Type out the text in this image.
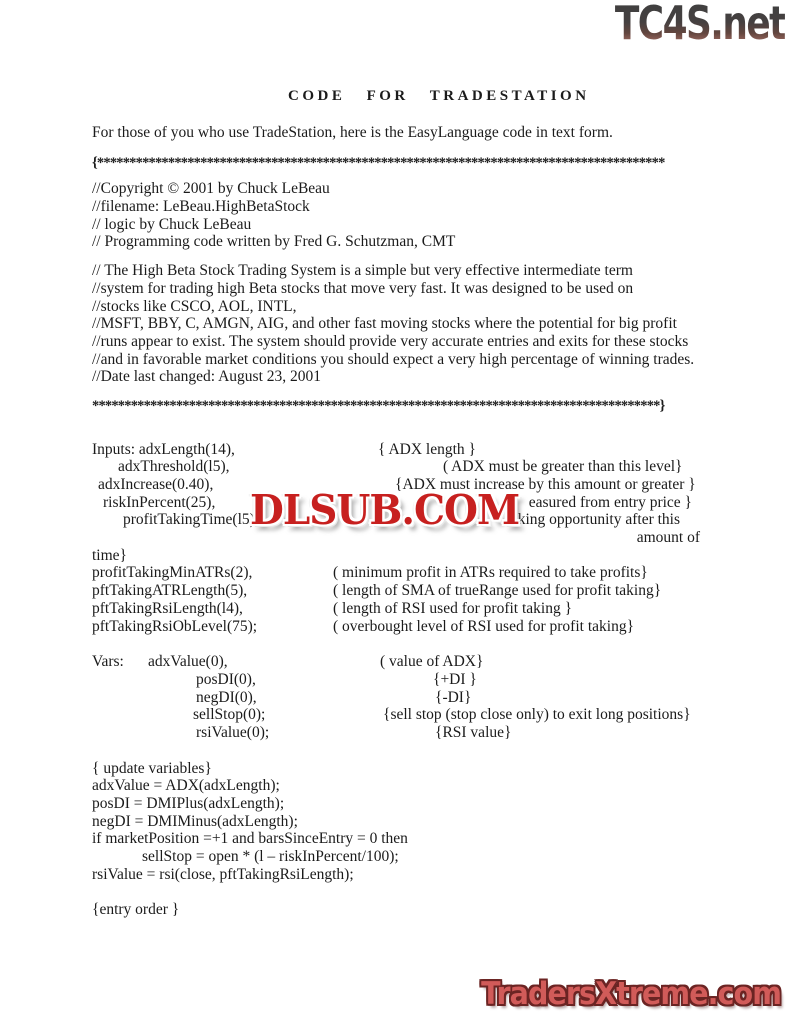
TC4S.net
CODE FOR TRADESTATION
For those of you who use TradeStation, here is the EasyLanguage code in text form.
{****************************************************************************************
//Copyright © 2001 by Chuck LeBeau
//filename: LeBeau.HighBetaStock
// logic by Chuck LeBeau
// Programming code written by Fred G. Schutzman, CMT
// The High Beta Stock Trading System is a simple but very effective intermediate term
//system for trading high Beta stocks that move very fast. It was designed to be used on
//stocks like CSCO, AOL, INTL,
//MSFT, BBY, C, AMGN, AIG, and other fast moving stocks where the potential for big profit
//runs appear to exist. The system should provide very accurate entries and exits for these stocks
//and in favorable market conditions you should expect a very high percentage of winning trades.
//Date last changed: August 23, 2001
****************************************************************************************}
Inputs: adxLength(14),	{ ADX length }
adxThreshold(l5),	( ADX must be greater than this level}
adxIncrease(0.40),	{ADX must increase by this amount or greater }
riskInPercent(25),	easured from entry price }
profitTakingTime(l5)	king opportunity after this
amount of
time}
profitTakingMinATRs(2),	( minimum profit in ATRs required to take profits}
pftTakingATRLength(5),	( length of SMA of trueRange used for profit taking}
pftTakingRsiLength(l4),	( length of RSI used for profit taking }
pftTakingRsiObLevel(75);	( overbought level of RSI used for profit taking}
Vars: adxValue(0),	( value of ADX}
posDI(0),	{+DI }
negDI(0),	{-DI}
sellStop(0);	{sell stop (stop close only) to exit long positions}
rsiValue(0);	{RSI value}
{ update variables}
adxValue = ADX(adxLength);
posDI = DMIPlus(adxLength);
negDI = DMIMinus(adxLength);
if marketPosition =+1 and barsSinceEntry = 0 then
sellStop = open * (l – riskInPercent/100);
rsiValue = rsi(close, pftTakingRsiLength);
{entry order }
DLSUB.COM
TradersXtreme.com
